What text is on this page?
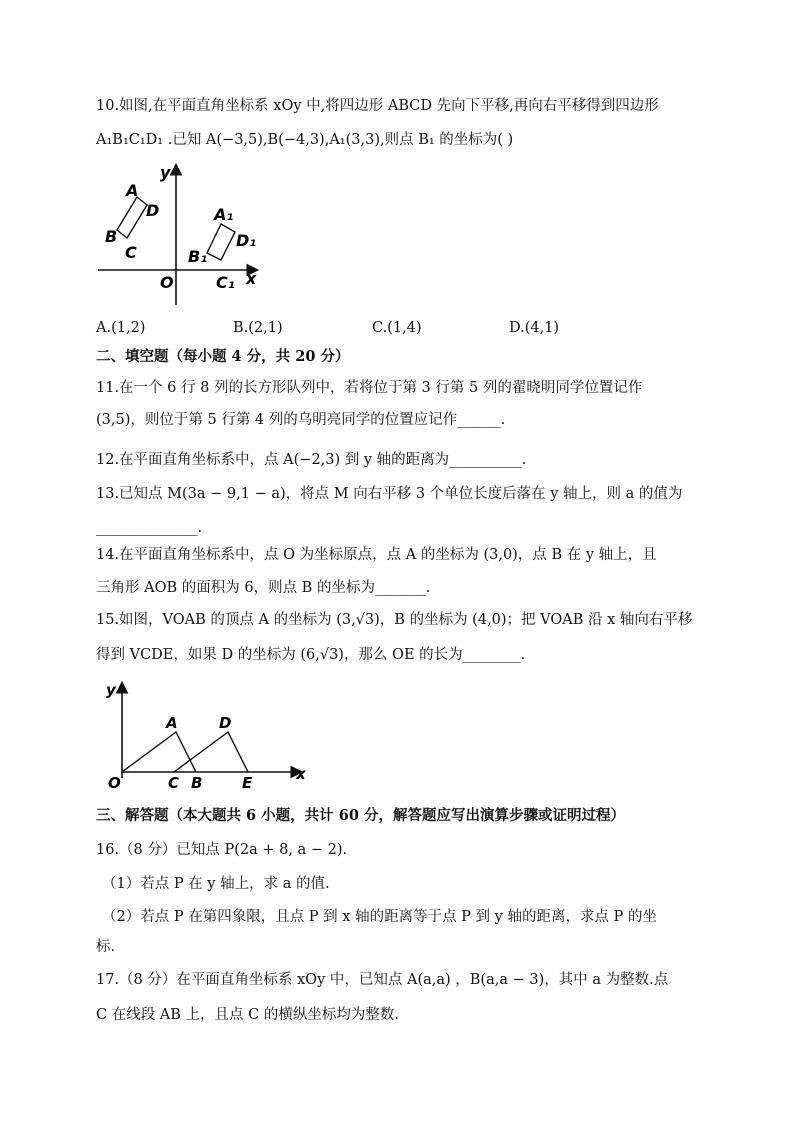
10.如图,在平面直角坐标系 xOy 中,将四边形 ABCD 先向下平移,再向右平移得到四边形
A₁B₁C₁D₁ .已知 A(−3,5),B(−4,3),A₁(3,3),则点 B₁ 的坐标为( )
y
A
D
B
C
O	x
A₁
D₁
B₁
C₁
A.(1,2)	B.(2,1)	C.(1,4)	D.(4,1)
二、填空题（每小题 4 分，共 20 分）
11.在一个 6 行 8 列的长方形队列中，若将位于第 3 行第 5 列的翟晓明同学位置记作
(3,5)，则位于第 5 行第 4 列的乌明亮同学的位置应记作______.
12.在平面直角坐标系中，点 A(−2,3) 到 y 轴的距离为__________.
13.已知点 M(3a − 9,1 − a)，将点 M 向右平移 3 个单位长度后落在 y 轴上，则 a 的值为
______________.
14.在平面直角坐标系中，点 O 为坐标原点，点 A 的坐标为 (3,0)，点 B 在 y 轴上，且
三角形 AOB 的面积为 6，则点 B 的坐标为_______.
15.如图，VOAB 的顶点 A 的坐标为 (3,√3)，B 的坐标为 (4,0)；把 VOAB 沿 x 轴向右平移
得到 VCDE，如果 D 的坐标为 (6,√3)，那么 OE 的长为________.
y
A	D
O	C B	E	x
三、解答题（本大题共 6 小题，共计 60 分，解答题应写出演算步骤或证明过程）
16.（8 分）已知点 P(2a + 8, a − 2).
（1）若点 P 在 y 轴上，求 a 的值.
（2）若点 P 在第四象限，且点 P 到 x 轴的距离等于点 P 到 y 轴的距离，求点 P 的坐
标.
17.（8 分）在平面直角坐标系 xOy 中，已知点 A(a,a) ，B(a,a − 3)，其中 a 为整数.点
C 在线段 AB 上，且点 C 的横纵坐标均为整数.
